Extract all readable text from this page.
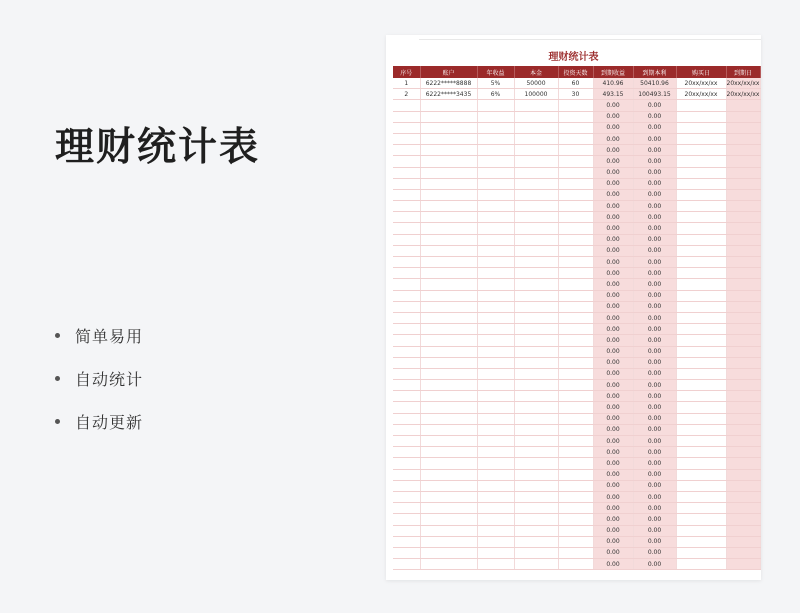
理财统计表
简单易用
自动统计
自动更新
理财统计表
序号	账户	年收益	本金	投资天数	到期收益	到期本利	购买日	到期日
1	6222*****8888	5%	50000	60	410.96	50410.96	20xx/xx/xx	20xx/xx/xx
2	6222*****3435	6%	100000	30	493.15	100493.15	20xx/xx/xx	20xx/xx/xx
					0.00	0.00		
					0.00	0.00		
					0.00	0.00		
					0.00	0.00		
					0.00	0.00		
					0.00	0.00		
					0.00	0.00		
					0.00	0.00		
					0.00	0.00		
					0.00	0.00		
					0.00	0.00		
					0.00	0.00		
					0.00	0.00		
					0.00	0.00		
					0.00	0.00		
					0.00	0.00		
					0.00	0.00		
					0.00	0.00		
					0.00	0.00		
					0.00	0.00		
					0.00	0.00		
					0.00	0.00		
					0.00	0.00		
					0.00	0.00		
					0.00	0.00		
					0.00	0.00		
					0.00	0.00		
					0.00	0.00		
					0.00	0.00		
					0.00	0.00		
					0.00	0.00		
					0.00	0.00		
					0.00	0.00		
					0.00	0.00		
					0.00	0.00		
					0.00	0.00		
					0.00	0.00		
					0.00	0.00		
					0.00	0.00		
					0.00	0.00		
					0.00	0.00		
					0.00	0.00		
